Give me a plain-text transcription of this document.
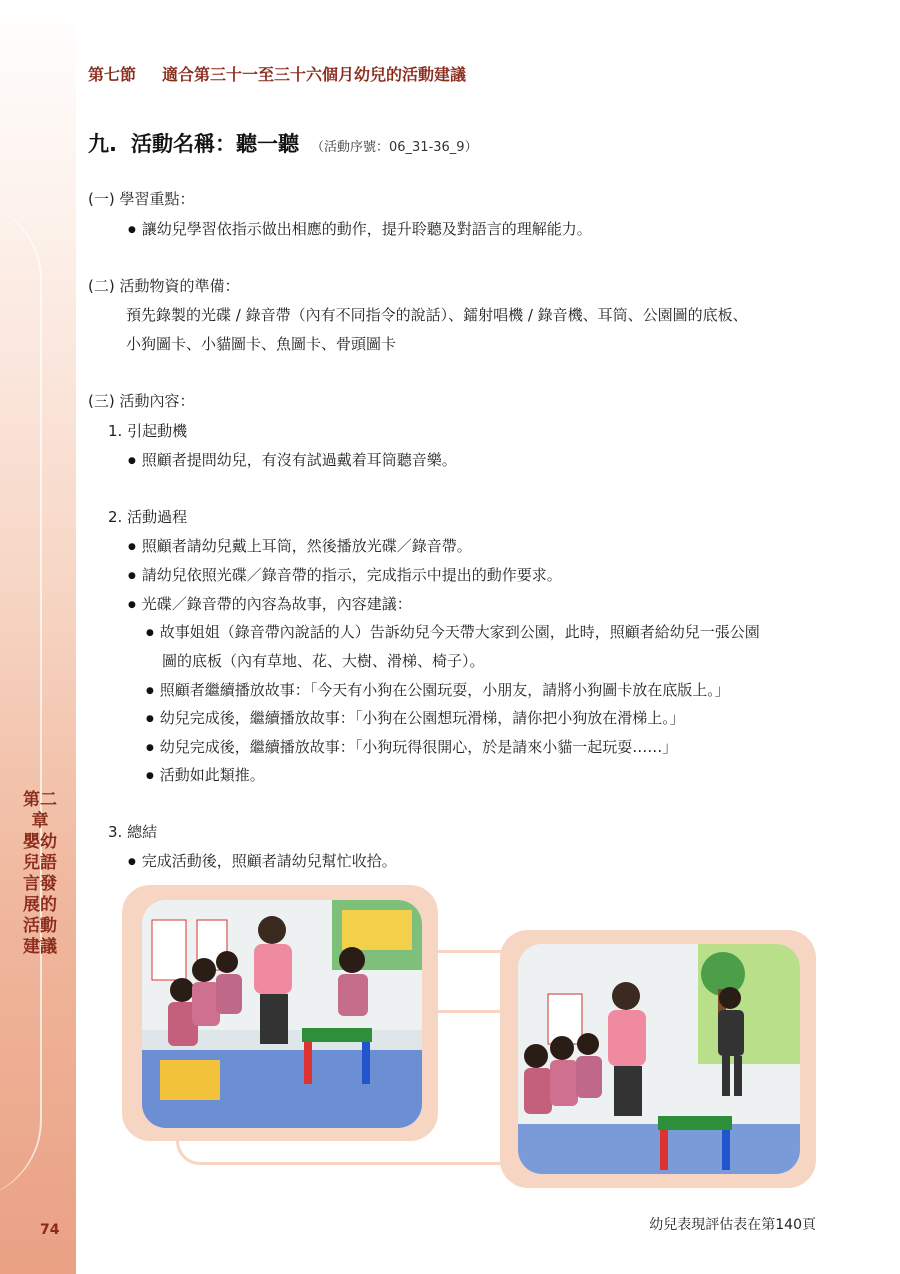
第二章 嬰幼兒語言發展的活動建議
74
第七節 適合第三十一至三十六個月幼兒的活動建議
九. 活動名稱：聽一聽 （活動序號：06_31-36_9）
(一) 學習重點：
● 讓幼兒學習依指示做出相應的動作，提升聆聽及對語言的理解能力。
(二) 活動物資的準備：
預先錄製的光碟 / 錄音帶（內有不同指令的說話）、鐳射唱機 / 錄音機、耳筒、公園圖的底板、
小狗圖卡、小貓圖卡、魚圖卡、骨頭圖卡
(三) 活動內容：
1. 引起動機
● 照顧者提問幼兒，有沒有試過戴着耳筒聽音樂。
2. 活動過程
● 照顧者請幼兒戴上耳筒，然後播放光碟／錄音帶。
● 請幼兒依照光碟／錄音帶的指示，完成指示中提出的動作要求。
● 光碟／錄音帶的內容為故事，內容建議：
● 故事姐姐（錄音帶內說話的人）告訴幼兒今天帶大家到公園，此時，照顧者給幼兒一張公園
圖的底板（內有草地、花、大樹、滑梯、椅子）。
● 照顧者繼續播放故事：「今天有小狗在公園玩耍，小朋友，請將小狗圖卡放在底版上。」
● 幼兒完成後，繼續播放故事：「小狗在公園想玩滑梯，請你把小狗放在滑梯上。」
● 幼兒完成後，繼續播放故事：「小狗玩得很開心，於是請來小貓一起玩耍……」
● 活動如此類推。
3. 總結
● 完成活動後，照顧者請幼兒幫忙收拾。
幼兒表現評估表在第140頁
